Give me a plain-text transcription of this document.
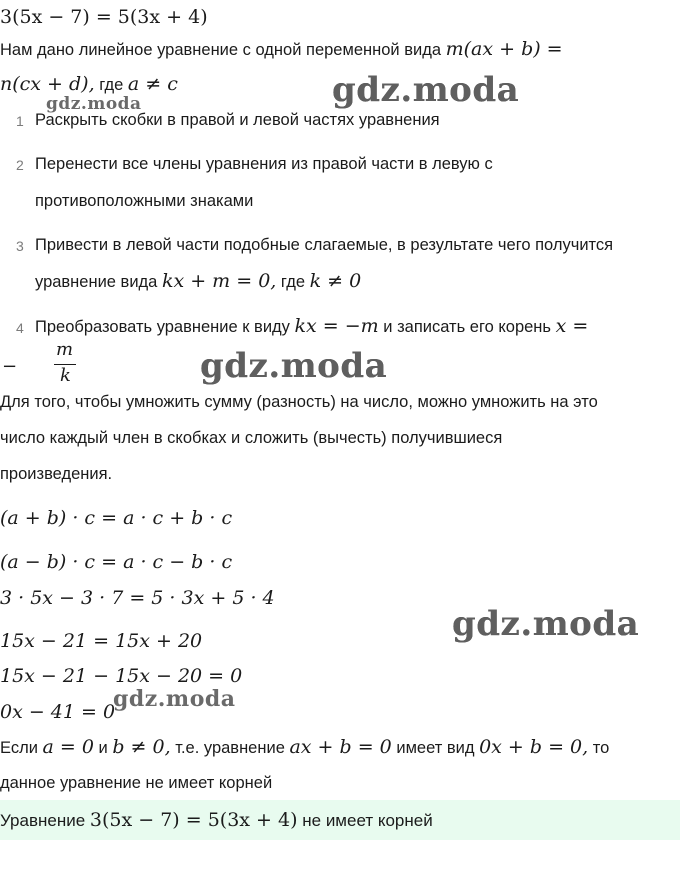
3(5x − 7) = 5(3x + 4)
Нам дано линейное уравнение с одной переменной вида m(ax + b) =
n(cx + d), где a ≠ c
1 Раскрыть скобки в правой и левой частях уравнения
2 Перенести все члены уравнения из правой части в левую с
противоположными знаками
3 Привести в левой части подобные слагаемые, в результате чего получится
уравнение вида kx + m = 0, где k ≠ 0
4 Преобразовать уравнение к виду kx = −m и записать его корень x =
−
m
k
Для того, чтобы умножить сумму (разность) на число, можно умножить на это
число каждый член в скобках и сложить (вычесть) получившиеся
произведения.
(a + b) · c = a · c + b · c
(a − b) · c = a · c − b · c
3 · 5x − 3 · 7 = 5 · 3x + 5 · 4
15x − 21 = 15x + 20
15x − 21 − 15x − 20 = 0
0x − 41 = 0
Если a = 0 и b ≠ 0, т.е. уравнение ax + b = 0 имеет вид 0x + b = 0, то
данное уравнение не имеет корней
Уравнение 3(5x − 7) = 5(3x + 4) не имеет корней
gdz.moda
gdz.moda
gdz.moda
gdz.moda
gdz.moda
